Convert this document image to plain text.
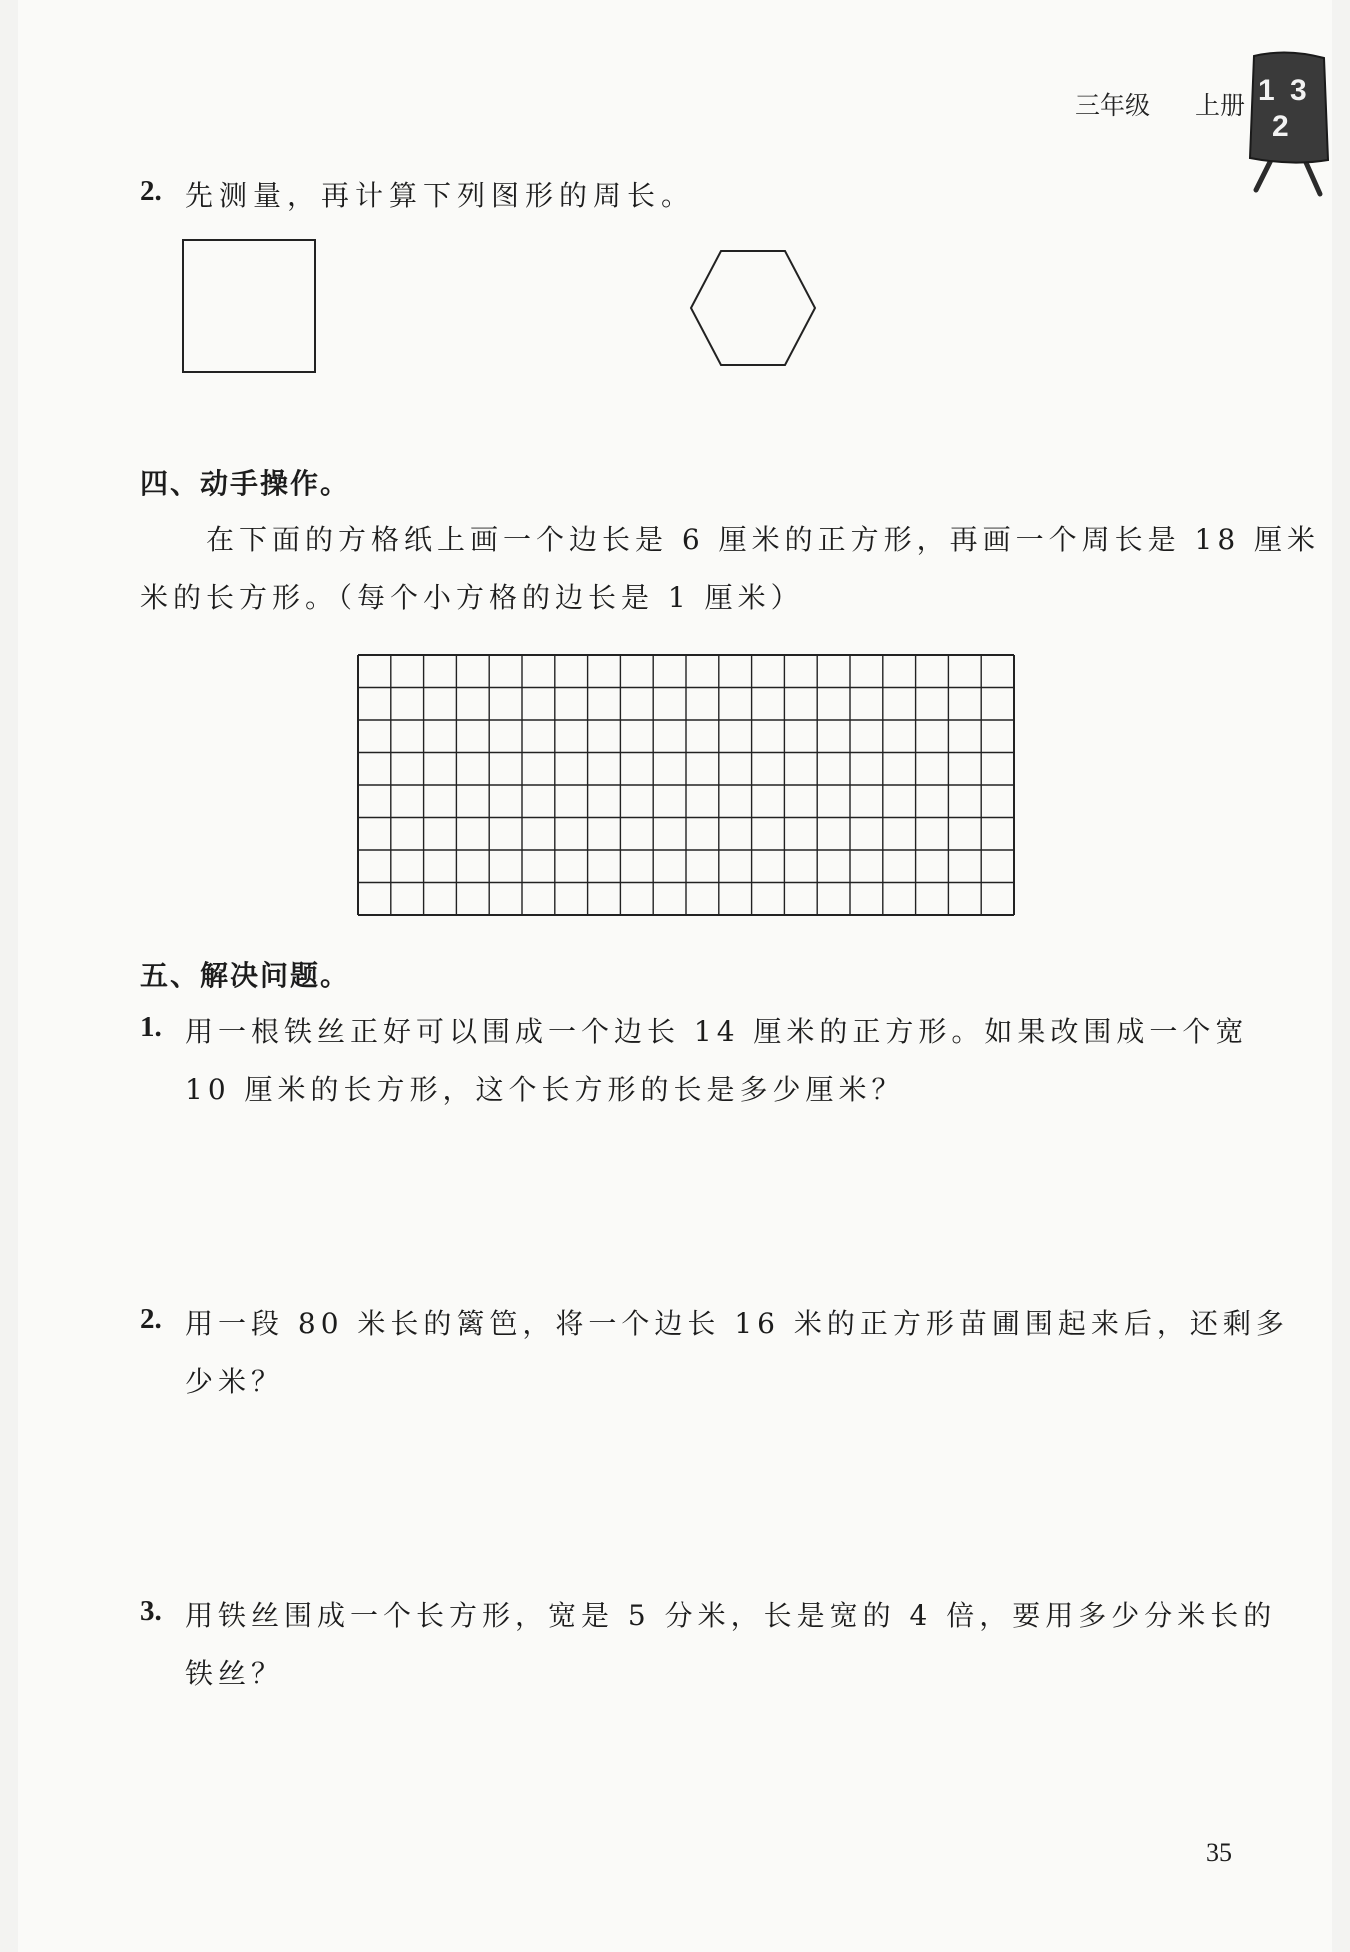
三年级 上册 1 3
2
2. 先测量，再计算下列图形的周长。
四、动手操作。
在下面的方格纸上画一个边长是 6 厘米的正方形，再画一个周长是 18 厘米
米的长方形。（每个小方格的边长是 1 厘米）
五、解决问题。
1. 用一根铁丝正好可以围成一个边长 14 厘米的正方形。如果改围成一个宽
10 厘米的长方形，这个长方形的长是多少厘米？
2. 用一段 80 米长的篱笆，将一个边长 16 米的正方形苗圃围起来后，还剩多
少米？
3. 用铁丝围成一个长方形，宽是 5 分米，长是宽的 4 倍，要用多少分米长的
铁丝？
35
